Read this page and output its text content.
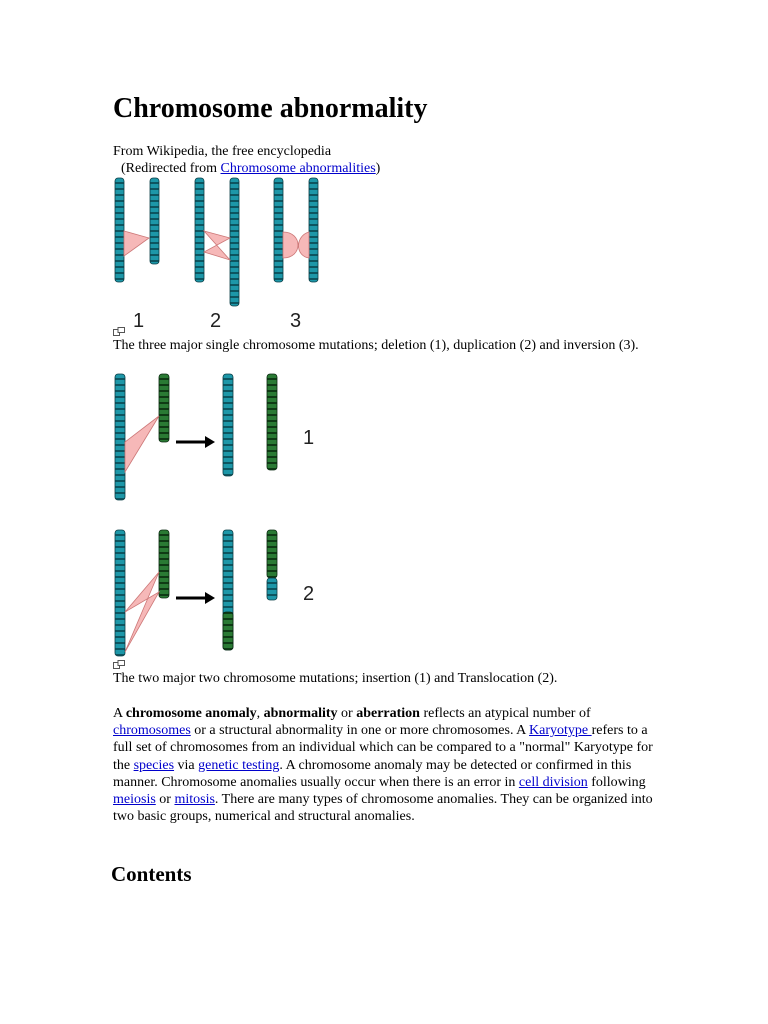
Chromosome abnormality
From Wikipedia, the free encyclopedia
(Redirected from Chromosome abnormalities)
1	2	3
The three major single chromosome mutations; deletion (1), duplication (2) and inversion (3).
1
2
The two major two chromosome mutations; insertion (1) and Translocation (2).
A chromosome anomaly, abnormality or aberration reflects an atypical number of chromosomes or a structural abnormality in one or more chromosomes. A Karyotype refers to a full set of chromosomes from an individual which can be compared to a "normal" Karyotype for the species via genetic testing. A chromosome anomaly may be detected or confirmed in this manner. Chromosome anomalies usually occur when there is an error in cell division following meiosis or mitosis. There are many types of chromosome anomalies. They can be organized into two basic groups, numerical and structural anomalies.
Contents
